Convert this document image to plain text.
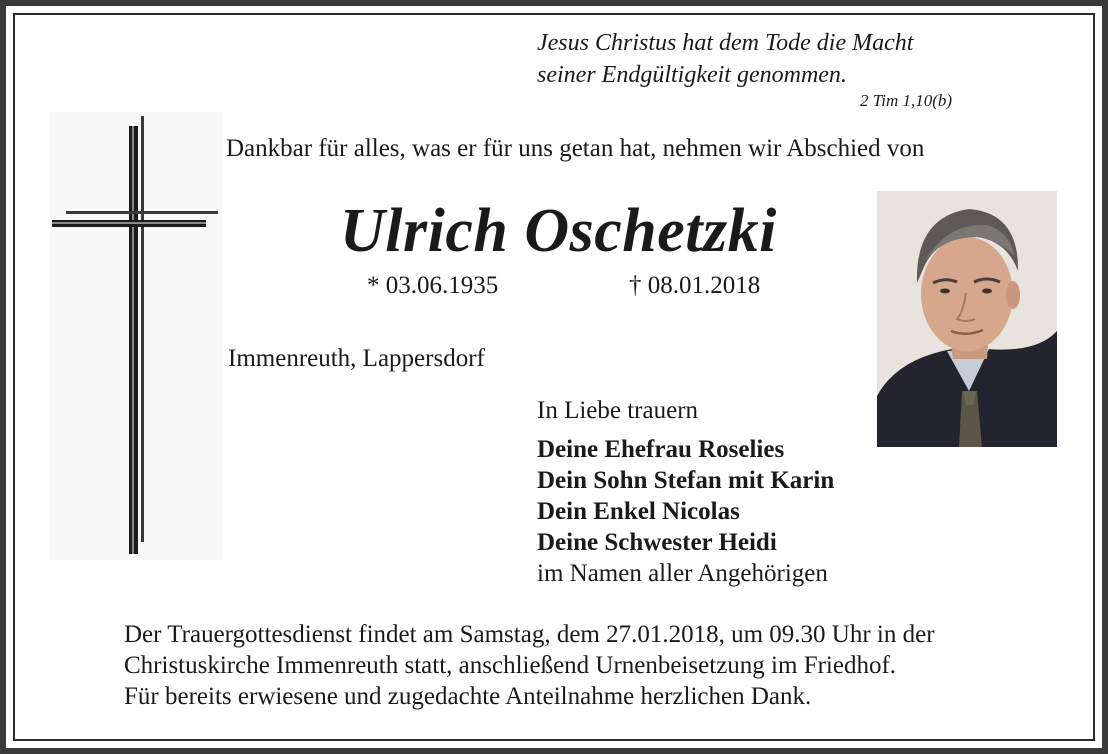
Jesus Christus hat dem Tode die Macht
seiner Endgültigkeit genommen.
2 Tim 1,10(b)
Dankbar für alles, was er für uns getan hat, nehmen wir Abschied von
Ulrich Oschetzki
* 03.06.1935	† 08.01.2018
Immenreuth, Lappersdorf
In Liebe trauern
Deine Ehefrau Roselies
Dein Sohn Stefan mit Karin
Dein Enkel Nicolas
Deine Schwester Heidi
im Namen aller Angehörigen
Der Trauergottesdienst findet am Samstag, dem 27.01.2018, um 09.30 Uhr in der
Christuskirche Immenreuth statt, anschließend Urnenbeisetzung im Friedhof.
Für bereits erwiesene und zugedachte Anteilnahme herzlichen Dank.
